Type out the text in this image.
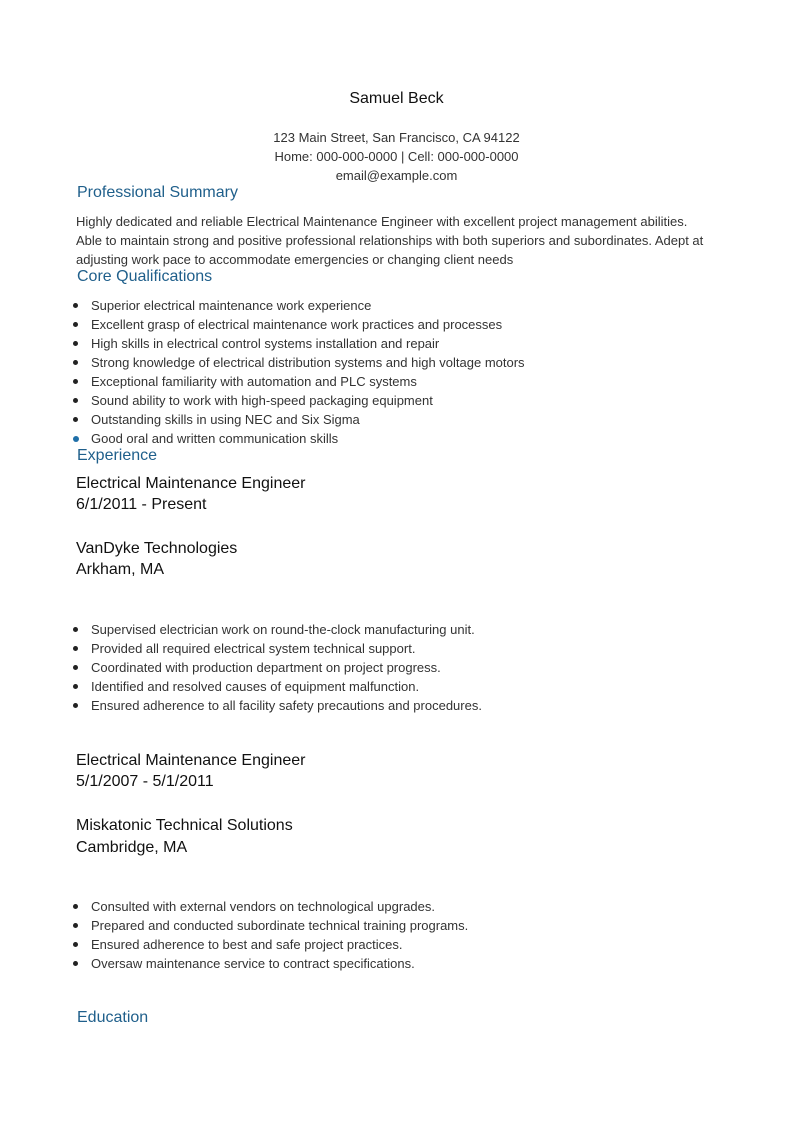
Samuel Beck
123 Main Street, San Francisco, CA 94122
Home: 000-000-0000 | Cell: 000-000-0000
email@example.com
Professional Summary
Highly dedicated and reliable Electrical Maintenance Engineer with excellent project management abilities. Able to maintain strong and positive professional relationships with both superiors and subordinates. Adept at adjusting work pace to accommodate emergencies or changing client needs
Core Qualifications
Superior electrical maintenance work experience
Excellent grasp of electrical maintenance work practices and processes
High skills in electrical control systems installation and repair
Strong knowledge of electrical distribution systems and high voltage motors
Exceptional familiarity with automation and PLC systems
Sound ability to work with high-speed packaging equipment
Outstanding skills in using NEC and Six Sigma
Good oral and written communication skills
Experience
Electrical Maintenance Engineer
6/1/2011 - Present
VanDyke Technologies
Arkham, MA
Supervised electrician work on round-the-clock manufacturing unit.
Provided all required electrical system technical support.
Coordinated with production department on project progress.
Identified and resolved causes of equipment malfunction.
Ensured adherence to all facility safety precautions and procedures.
Electrical Maintenance Engineer
5/1/2007 - 5/1/2011
Miskatonic Technical Solutions
Cambridge, MA
Consulted with external vendors on technological upgrades.
Prepared and conducted subordinate technical training programs.
Ensured adherence to best and safe project practices.
Oversaw maintenance service to contract specifications.
Education
